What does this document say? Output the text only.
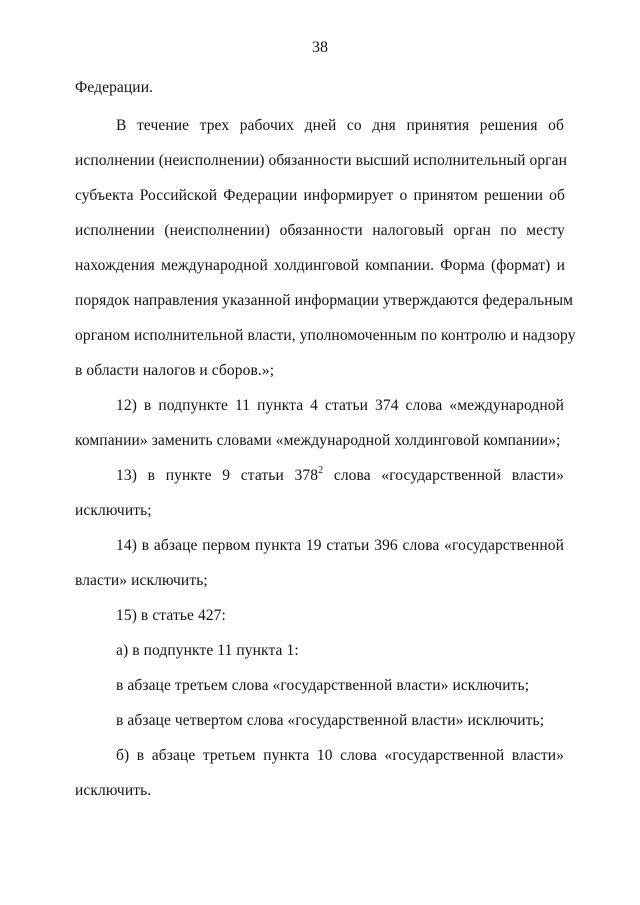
38
Федерации.
В течение трех рабочих дней со дня принятия решения об
исполнении (неисполнении) обязанности высший исполнительный орган
субъекта Российской Федерации информирует о принятом решении об
исполнении (неисполнении) обязанности налоговый орган по месту
нахождения международной холдинговой компании. Форма (формат) и
порядок направления указанной информации утверждаются федеральным
органом исполнительной власти, уполномоченным по контролю и надзору
в области налогов и сборов.»;
12) в подпункте 11 пункта 4 статьи 374 слова «международной
компании» заменить словами «международной холдинговой компании»;
13) в пункте 9 статьи $378^2$ слова «государственной власти»
исключить;
14) в абзаце первом пункта 19 статьи 396 слова «государственной
власти» исключить;
15) в статье 427:
а) в подпункте 11 пункта 1:
в абзаце третьем слова «государственной власти» исключить;
в абзаце четвертом слова «государственной власти» исключить;
б) в абзаце третьем пункта 10 слова «государственной власти»
исключить.
